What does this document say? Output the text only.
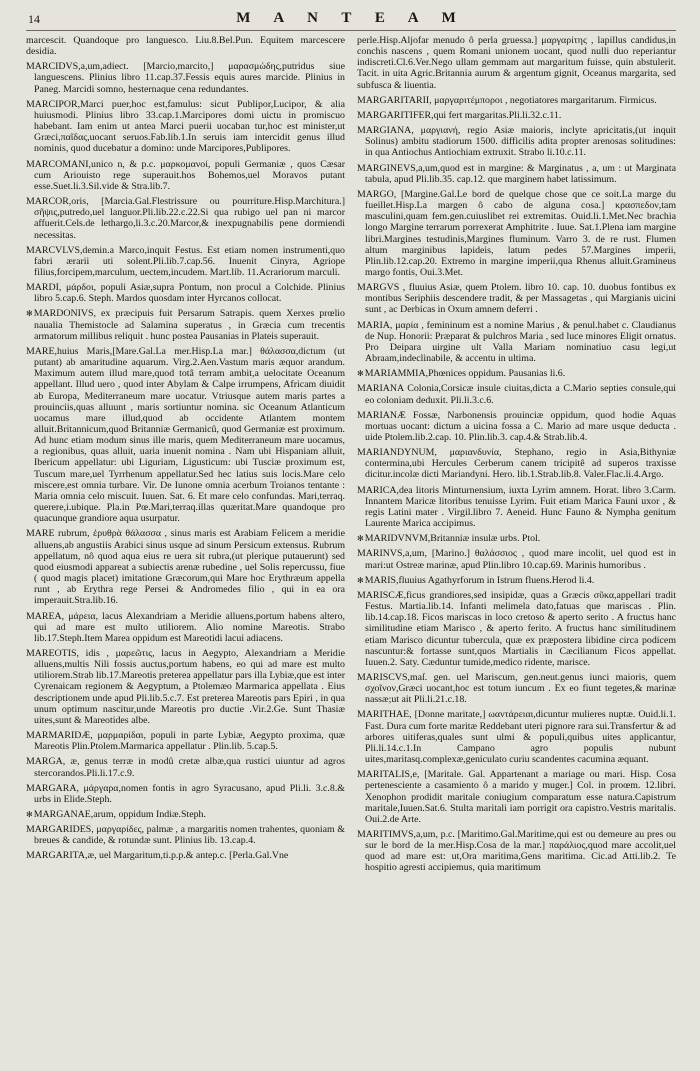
14	M A N T E A M

marcescit. Quandoque pro languesco. Liu.8.Bel.Pun. Equitem marcescere desidia.

MARCIDVS,a,um,adiect. [Marcio,marcito,] μαρασμώδης,putridus siue languescens. Plinius libro 11.cap.37.Fessis equis aures marcide. Plinius in Paneg. Marcidi somno, hesternaque cena redundantes.

MARCIPOR,Marci puer,hoc est,famulus: sicut Publipor,Lucipor, & alia huiusmodi. Plinius libro 33.cap.1.Marcipores domi uictu in promiscuo habebant. Iam enim ut antea Marci puerii uocaban tur,hoc est minister,ut Græci,παῖδας,uocant seruos.Fab.lib.1.In seruis iam intercidit genus illud nominis, quod ducebatur a domino: unde Marcipores,Publipores.

MARCOMANI,unico n, & p.c. μαρκομανοί, populi Germaniæ , quos Cæsar cum Ariouisto rege superauit.hos Bohemos,uel Moravos putant esse.Suet.li.3.Sil.vide & Stra.lib.7.

MARCOR,oris, [Marcia.Gal.Flestrissure ou pourriture.Hisp.Marchitura.] σῆψις,putredo,uel languor.Pli.lib.22.c.22.Si qua rubigo uel pan ni marcor affuerit.Cels.de lethargo,li.3.c.20.Marcor,& inexpugnabilis pene dormiendi necessitas.

MARCVLVS,demin.a Marco,inquit Festus. Est etiam nomen instrumenti,quo fabri ærarii uti solent.Pli.lib.7.cap.56. Inuenit Cinyra, Agriope filius,forcipem,marculum, uectem,incudem. Mart.lib. 11.Acrariorum marculi.

MARDI, μάρδοι, populi Asiæ,supra Pontum, non procul a Colchide. Plinius libro 5.cap.6. Steph. Mardos quosdam inter Hyrcanos collocat.

✻ MARDONIVS, ex præcipuis fuit Persarum Satrapis. quem Xerxes prœlio naualia Themistocle ad Salamina superatus , in Græcia cum trecentis armatorum millibus reliquit . hunc postea Pausanias in Plateis superauit.

MARE,huius Maris,[Mare.Gal.La mer.Hisp.La mar.] θάλασσα,dictum (ut putant) ab amaritudine aquarum. Virg.2.Aen.Vastum maris æquor arandum. Maximum autem illud mare,quod totâ terram ambit,a uelocitate Oceanum appellant. Illud uero , quod inter Abylam & Calpe irrumpens, Africam diuidit ab Europa, Mediterraneum mare uocatur. Vtriusque autem maris partes a prouinciis,quas alluunt , maris sortiuntur nomina. sic Oceanum Atlanticum uocamus mare illud,quod ab occidente Atlantem montem alluit.Britannicum,quod Britanniæ Germanicû, quod Germaniæ est proximum. Ad hunc etiam modum sinus ille maris, quem Mediterraneum mare uocamus, a regionibus, quas alluit, uaria inuenit nomina . Nam ubi Hispaniam alluit, Ibericum appellatur: ubi Liguriam, Ligusticum: ubi Tusciæ proximum est, Tuscum mare,uel Tyrrhenum appellatur.Sed hec latius suis locis.Mare celo miscere,est omnia turbare. Vir. De Iunone omnia acerbum Troianos tentante : Maria omnia celo miscuit. Iuuen. Sat. 6. Et mare celo confundas. Mari,terraq. querere,i.ubique. Pla.in Pœ.Mari,terraq.illas quæritat.Mare quandoque pro quacunque grandiore aqua usurpatur.

MARE rubrum, ἐρυθρὰ θάλασσα , sinus maris est Arabiam Felicem a meridie alluens,ab angustiis Arabici sinus usque ad sinum Persicum extensus. Rubrum appellatum, nô quod aqua eius re uera sit rubra,(ut plerique putauerunt) sed quod eiusmodi appareat a subiectis arenæ rubedine , uel Solis repercussu, fiue ( quod magis placet) imitatione Græcorum,qui Mare hoc Erythræum appella runt , ab Erythra rege Persei & Andromedes filio , qui in ea ora imperauit.Stra.lib.16.

MAREA, μάρεια, lacus Alexandriam a Meridie alluens,portum habens altero, qui ad mare est multo utiliorem. Alio nomine Mareotis. Strabo lib.17.Steph.Item Marea oppidum est Mareotidi lacui adiacens.

MAREOTIS, idis , μαρεῶτις, lacus in Aegypto, Alexandriam a Meridie alluens,multis Nili fossis auctus,portum habens, eo qui ad mare est multo utiliorem.Strab lib.17.Mareotis preterea appellatur pars illa Lybiæ,que est inter Cyrenaicam regionem & Aegyptum, a Ptolemæo Marmarica appellata . Eius descriptionem unde apud Pli.lib.5.c.7. Est preterea Mareotis pars Epiri , in qua unum optimum nascitur,unde Mareotis pro ductie .Vir.2.Ge. Sunt Thasiæ uites,sunt & Mareotides albe.

MARMARIDÆ, μαρμαρίδαι, populi in parte Lybiæ, Aegypto proxima, quæ Mareotis Plin.Ptolem.Marmarica appellatur . Plin.lib. 5.cap.5.

MARGA, æ, genus terræ in modû cretæ albæ,qua rustici uiuntur ad agros stercorandos.Pli.li.17.c.9.

MARGARA, μάργαρα,nomen fontis in agro Syracusano, apud Pli.li. 3.c.8.& urbs in Elide.Steph.

✻ MARGANAE,arum, oppidum Indiæ.Steph.

MARGARIDES, μαργαρίδες, palmæ , a margaritis nomen trahentes, quoniam & breues & candide, & rotundæ sunt. Plinius lib. 13.cap.4.

MARGARITA,æ, uel Margaritum,ti.p.p.& antep.c. [Perla.Gal.Vne

perle.Hisp.Aljofar menudo ô perla gruessa.] μαργαρίτης , lapillus candidus,in conchis nascens , quem Romani unionem uocant, quod nulli duo reperiantur indiscreti.Cl.6.Ver.Nego ullam gemmam aut margaritum fuisse, quin abstulerit. Tacit. in uita Agric.Britannia aurum & argentum gignit, Oceanus margarita, sed subfusca & liuentia.

MARGARITARII, μαργαριτέμποροι , negotiatores margaritarum. Firmicus.

MARGARITIFER,qui fert margaritas.Pli.li.32.c.11.

MARGIANA, μαργιανή, regio Asiæ maioris, inclyte apricitatis,(ut inquit Solinus) ambitu stadiorum 1500. difficilis adita propter arenosas solitudines: in qua Antiochus Antiochiam extruxit. Strabo li.10.c.11.

MARGINEVS,a,um,quod est in margine: & Marginatus , a, um : ut Marginata tabula, apud Pli.lib.35. cap.12. que marginem habet latissimum.

MARGO, [Margine.Gal.Le bord de quelque chose que ce soit.La marge du fueillet.Hisp.La margen ô cabo de alguna cosa.] κρασπεδον,tam masculini,quam fem.gen.cuiuslibet rei extremitas. Ouid.li.1.Met.Nec brachia longo Margine terrarum porrexerat Amphitrite . Iuue. Sat.1.Plena iam margine libri.Margines testudinis,Margines fluminum. Varro 3. de re rust. Flumen altum marginibus lapideis, latum pedes 57.Margines imperii, Plin.lib.12.cap.20. Extremo in margine imperii,qua Rhenus alluit.Gramineus margo fontis, Oui.3.Met.

MARGVS , fluuius Asiæ, quem Ptolem. libro 10. cap. 10. duobus fontibus ex montibus Seriphiis descendere tradit, & per Massagetas , qui Margianis uicini sunt , ac Derbicas in Oxum amnem deferri .

MARIA, μαρία , femininum est a nomine Marius , & penul.habet c. Claudianus de Nup. Honorii: Præparat & pulchros Maria , sed luce minores Eligit ornatus. Pro Deipara uirgine ult Valla Mariam nominatiuo casu legi,ut Abraam,indeclinabile, & accentu in ultima.

✻ MARIAMMIA,Phœnices oppidum. Pausanias li.6.

MARIANA Colonia,Corsicæ insule ciuitas,dicta a C.Mario septies consule,qui eo coloniam deduxit. Pli.li.3.c.6.

MARIANÆ Fossæ, Narbonensis prouinciæ oppidum, quod hodie Aquas mortuas uocant: dictum a uicina fossa a C. Mario ad mare usque deducta . uide Ptolem.lib.2.cap. 10. Plin.lib.3. cap.4.& Strab.lib.4.

MARIANDYNUM, μαριανδυνία, Stephano, regio in Asia,Bithyniæ contermina,ubi Hercules Cerberum canem tricipitê ad superos traxisse dicitur.incolæ dicti Mariandyni. Hero. lib.1.Strab.lib.8. Valer.Flac.li.4.Argo.

MARICA,dea litoris Minturnensium, iuxta Lyrim amnem. Horat. libro 3.Carm. Innantem Maricæ litoribus tenuisse Lyrim. Fuit etiam Marica Fauni uxor , & regis Latini mater . Virgil.libro 7. Aeneid. Hunc Fauno & Nympha genitum Laurente Marica accipimus.

✻ MARIDVNVM,Britanniæ insulæ urbs. Ptol.

MARINVS,a,um, [Marino.] θαλάσσιος , quod mare incolit, uel quod est in mari:ut Ostreæ marinæ, apud Plin.libro 10.cap.69. Marinis humoribus .

✻ MARIS,fluuius Agathyrforum in Istrum fluens.Herod li.4.

MARISCÆ,ficus grandiores,sed insipidæ, quas a Græcis σῦκα,appellari tradit Festus. Martia.lib.14. Infanti melimela dato,fatuas que mariscas . Plin. lib.14.cap.18. Ficos mariscas in loco cretoso & aperto serito . A fructus hanc similitudine etiam Marisco , & aperto ferito. A fructus hanc similitudinem etiam Marisco dicuntur tubercula, quæ ex præpostera libidine circa podicem nascuntur:& fortasse sunt,quos Martialis in Cæcilianum Ficos appellat. Iuuen.2. Saty. Cæduntur tumide,medico ridente, marisce.

MARISCVS,maſ. gen. uel Mariscum, gen.neut.genus iunci maioris, quem σχοῖνον,Græci uocant,hoc est totum iuncum . Ex eo fiunt tegetes,& marinæ nassæ;ut ait Pli.li.21.c.18.

MARITHAE, [Donne maritate,] ωαντάρειαι,dicuntur mulieres nuptæ. Ouid.li.1. Fast. Dura cum forte maritæ Reddebant uteri pignore rara sui.Transfertur & ad arbores uitiferas,quales sunt ulmi & populi,quibus uites applicantur, Pli.li.14.c.1.In Campano agro populis nubunt uites,maritasq.complexæ,geniculato curiu scandentes cacumina æquant.

MARITALIS,e, [Maritale. Gal. Appartenant a mariage ou mari. Hisp. Cosa pertenesciente a casamiento ô a marido y muger.] Col. in proœm. 12.libri. Xenophon prodidit maritale coniugium comparatum esse natura.Capistrum maritale,Iuuen.Sat.6. Stulta maritali iam porrigit ora capistro.Vestris maritalis. Oui.2.de Arte.

MARITIMVS,a,um, p.c. [Maritimo.Gal.Maritime,qui est ou demeure au pres ou sur le bord de la mer.Hisp.Cosa de la mar.] παράλιος,quod mare accolit,uel quod ad mare est: ut,Ora maritima,Gens maritima. Cic.ad Atti.lib.2. Te hospitio agresti accipiemus, quia maritimum
